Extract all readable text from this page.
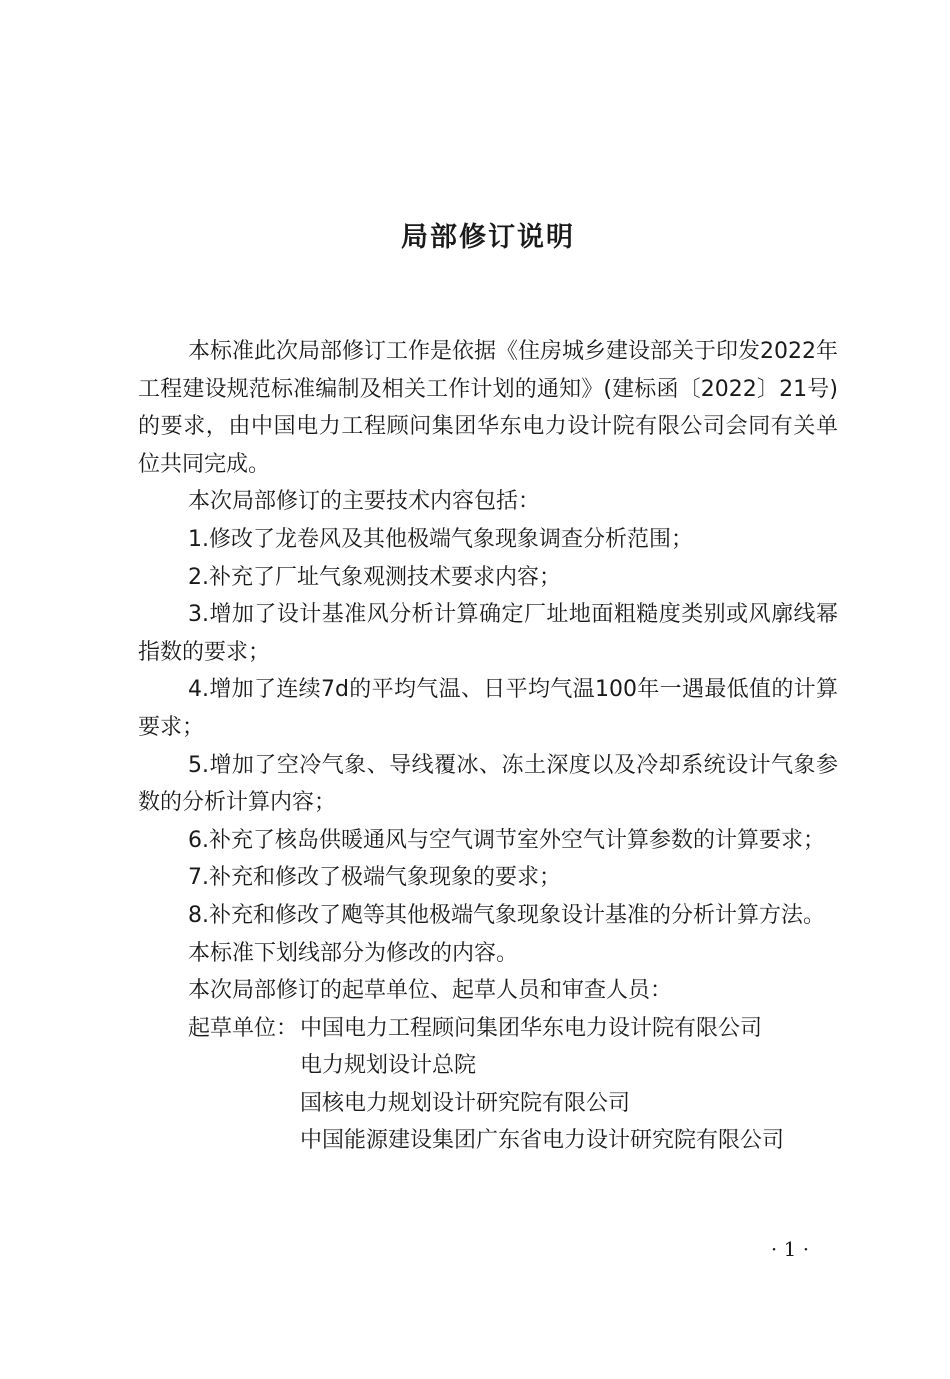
局部修订说明

本标准此次局部修订工作是依据《住房城乡建设部关于印发2022年工程建设规范标准编制及相关工作计划的通知》(建标函〔2022〕21号)的要求，由中国电力工程顾问集团华东电力设计院有限公司会同有关单位共同完成。

本次局部修订的主要技术内容包括：

1.修改了龙卷风及其他极端气象现象调查分析范围；

2.补充了厂址气象观测技术要求内容；

3.增加了设计基准风分析计算确定厂址地面粗糙度类别或风廓线幂指数的要求；

4.增加了连续7d的平均气温、日平均气温100年一遇最低值的计算要求；

5.增加了空冷气象、导线覆冰、冻土深度以及冷却系统设计气象参数的分析计算内容；

6.补充了核岛供暖通风与空气调节室外空气计算参数的计算要求；

7.补充和修改了极端气象现象的要求；

8.补充和修改了飑等其他极端气象现象设计基准的分析计算方法。

本标准下划线部分为修改的内容。

本次局部修订的起草单位、起草人员和审查人员：

起草单位： 中国电力工程顾问集团华东电力设计院有限公司
电力规划设计总院
国核电力规划设计研究院有限公司
中国能源建设集团广东省电力设计研究院有限公司
· 1 ·
